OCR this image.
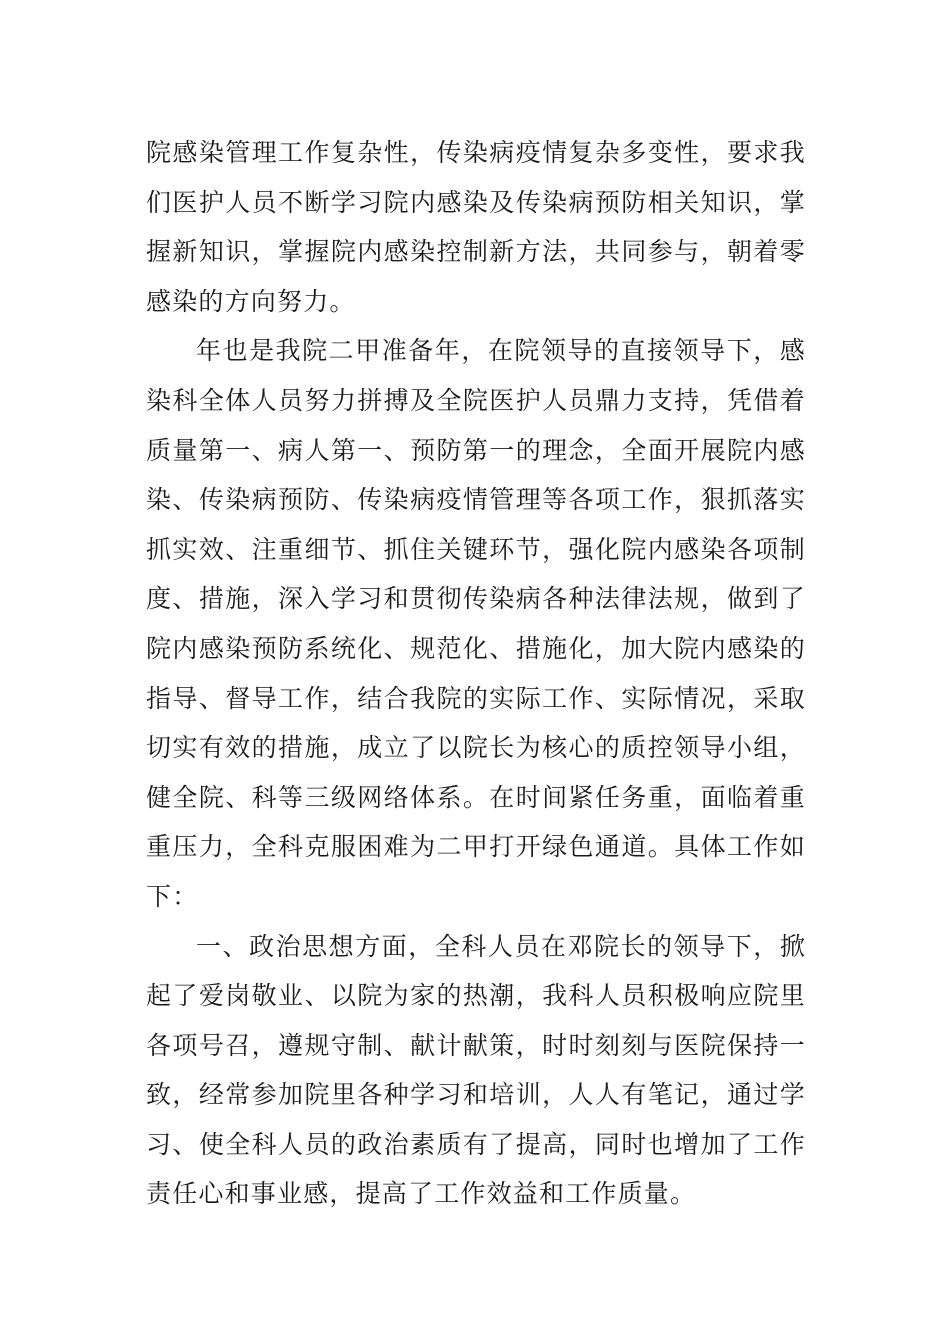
院感染管理工作复杂性，传染病疫情复杂多变性，要求我们医护人员不断学习院内感染及传染病预防相关知识，掌握新知识，掌握院内感染控制新方法，共同参与，朝着零感染的方向努力。

年也是我院二甲准备年，在院领导的直接领导下，感染科全体人员努力拼搏及全院医护人员鼎力支持，凭借着质量第一、病人第一、预防第一的理念，全面开展院内感染、传染病预防、传染病疫情管理等各项工作，狠抓落实抓实效、注重细节、抓住关键环节，强化院内感染各项制度、措施，深入学习和贯彻传染病各种法律法规，做到了院内感染预防系统化、规范化、措施化，加大院内感染的指导、督导工作，结合我院的实际工作、实际情况，采取切实有效的措施，成立了以院长为核心的质控领导小组，健全院、科等三级网络体系。在时间紧任务重，面临着重重压力，全科克服困难为二甲打开绿色通道。具体工作如下：

一、政治思想方面，全科人员在邓院长的领导下，掀起了爱岗敬业、以院为家的热潮，我科人员积极响应院里各项号召，遵规守制、献计献策，时时刻刻与医院保持一致，经常参加院里各种学习和培训，人人有笔记，通过学习、使全科人员的政治素质有了提高，同时也增加了工作责任心和事业感，提高了工作效益和工作质量。
